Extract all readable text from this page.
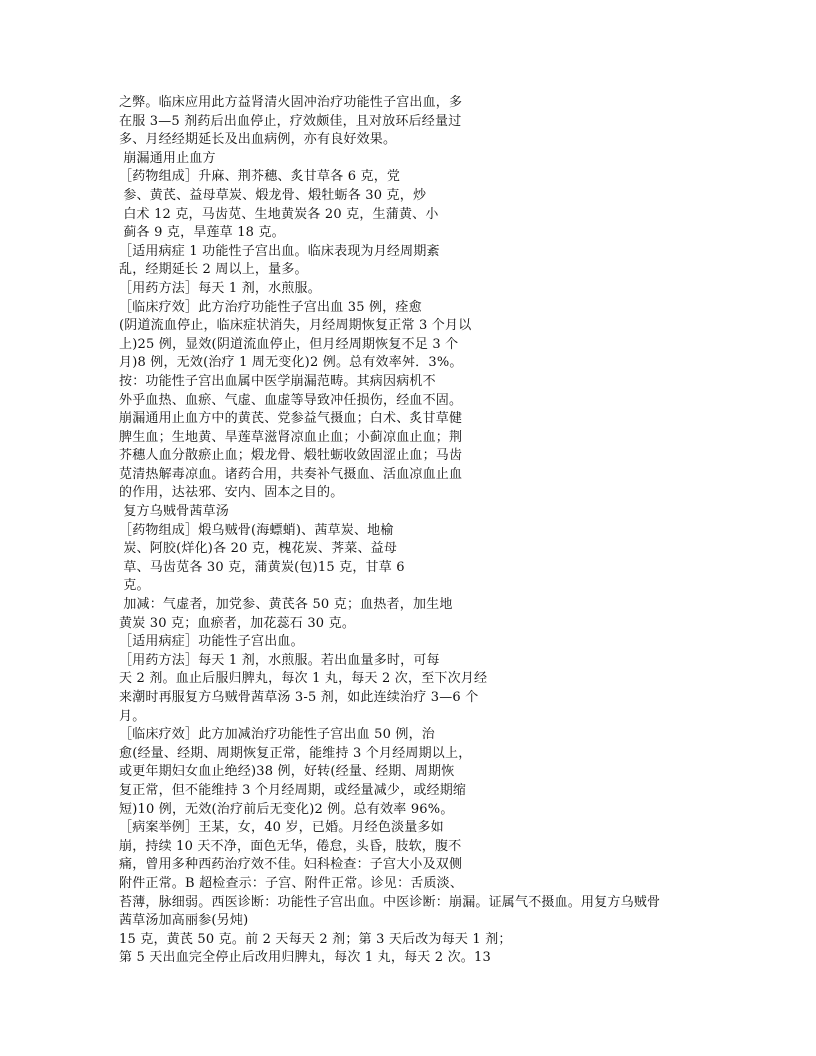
之弊。临床应用此方益肾清火固冲治疗功能性子宫出血，多
在服 3—5 剂药后出血停止，疗效颇佳，且对放环后经量过
多、月经经期延长及出血病例，亦有良好效果。
崩漏通用止血方
［药物组成］升麻、荆芥穗、炙甘草各 6 克，党
参、黄芪、益母草炭、煅龙骨、煅牡蛎各 30 克，炒
白术 12 克，马齿苋、生地黄炭各 20 克，生蒲黄、小
蓟各 9 克，旱莲草 18 克。
［适用病症 1 功能性子宫出血。临床表现为月经周期紊
乱，经期延长 2 周以上，量多。
［用药方法］每天 1 剂，水煎服。
［临床疗效］此方治疗功能性子宫出血 35 例，痊愈
(阴道流血停止，临床症状消失，月经周期恢复正常 3 个月以
上)25 例，显效(阴道流血停止，但月经周期恢复不足 3 个
月)8 例，无效(治疗 1 周无变化)2 例。总有效率舛．3%。
按：功能性子宫出血属中医学崩漏范畴。其病因病机不
外乎血热、血瘀、气虚、血虚等导致冲任损伤，经血不固。
崩漏通用止血方中的黄芪、党参益气摄血；白术、炙甘草健
脾生血；生地黄、旱莲草滋肾凉血止血；小蓟凉血止血；荆
芥穗人血分散瘀止血；煅龙骨、煅牡蛎收敛固涩止血；马齿
苋清热解毒凉血。诸药合用，共奏补气摄血、活血凉血止血
的作用，达祛邪、安内、固本之目的。
复方乌贼骨茜草汤
［药物组成］煅乌贼骨(海螵蛸)、茜草炭、地榆
炭、阿胶(烊化)各 20 克，槐花炭、荠菜、益母
草、马齿苋各 30 克，蒲黄炭(包)15 克，甘草 6
克。
加减：气虚者，加党参、黄芪各 50 克；血热者，加生地
黄炭 30 克；血瘀者，加花蕊石 30 克。
［适用病症］功能性子宫出血。
［用药方法］每天 1 剂，水煎服。若出血量多时，可每
天 2 剂。血止后服归脾丸，每次 1 丸，每天 2 次，至下次月经
来潮时再服复方乌贼骨茜草汤 3-5 剂，如此连续治疗 3—6 个
月。
［临床疗效］此方加减治疗功能性子宫出血 50 例，治
愈(经量、经期、周期恢复正常，能维持 3 个月经周期以上，
或更年期妇女血止绝经)38 例，好转(经量、经期、周期恢
复正常，但不能维持 3 个月经周期，或经量减少，或经期缩
短)10 例，无效(治疗前后无变化)2 例。总有效率 96%。
［病案举例］王某，女，40 岁，已婚。月经色淡量多如
崩，持续 10 天不净，面色无华，倦怠，头昏，肢软，腹不
痛，曾用多种西药治疗效不佳。妇科检查：子宫大小及双侧
附件正常。B 超检查示：子宫、附件正常。诊见：舌质淡、
苔薄，脉细弱。西医诊断：功能性子宫出血。中医诊断：崩漏。证属气不摄血。用复方乌贼骨
茜草汤加高丽参(另炖)
15 克，黄芪 50 克。前 2 天每天 2 剂；第 3 天后改为每天 1 剂；
第 5 天出血完全停止后改用归脾丸，每次 1 丸，每天 2 次。13
